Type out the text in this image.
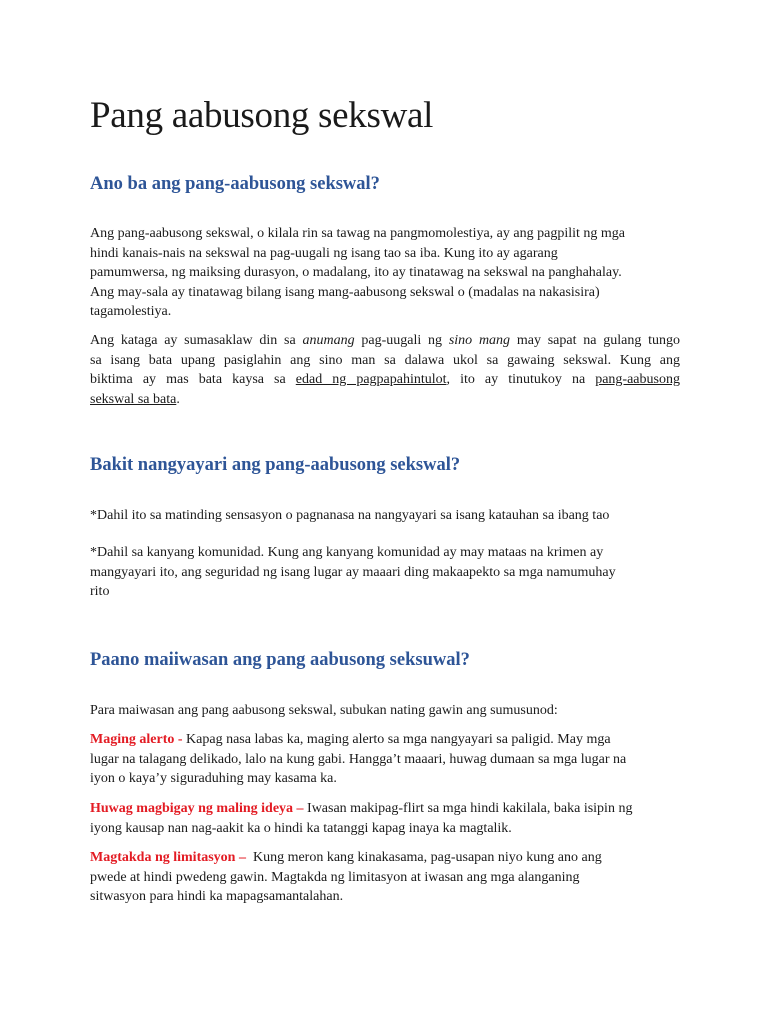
Pang aabusong sekswal
Ano ba ang pang-aabusong sekswal?
Ang pang-aabusong sekswal, o kilala rin sa tawag na pangmomolestiya, ay ang pagpilit ng mga
hindi kanais-nais na sekswal na pag-uugali ng isang tao sa iba. Kung ito ay agarang
pamumwersa, ng maiksing durasyon, o madalang, ito ay tinatawag na sekswal na panghahalay.
Ang may-sala ay tinatawag bilang isang mang-aabusong sekswal o (madalas na nakasisira)
tagamolestiya.
Ang kataga ay sumasaklaw din sa anumang pag-uugali ng sino mang may sapat na gulang tungo
sa isang bata upang pasiglahin ang sino man sa dalawa ukol sa gawaing sekswal. Kung ang
biktima ay mas bata kaysa sa edad ng pagpapahintulot, ito ay tinutukoy na pang-aabusong
sekswal sa bata.
Bakit nangyayari ang pang-aabusong sekswal?
*Dahil ito sa matinding sensasyon o pagnanasa na nangyayari sa isang katauhan sa ibang tao
*Dahil sa kanyang komunidad. Kung ang kanyang komunidad ay may mataas na krimen ay
mangyayari ito, ang seguridad ng isang lugar ay maaari ding makaapekto sa mga namumuhay
rito
Paano maiiwasan ang pang aabusong seksuwal?
Para maiwasan ang pang aabusong sekswal, subukan nating gawin ang sumusunod:
Maging alerto - Kapag nasa labas ka, maging alerto sa mga nangyayari sa paligid. May mga
lugar na talagang delikado, lalo na kung gabi. Hangga’t maaari, huwag dumaan sa mga lugar na
iyon o kaya’y siguraduhing may kasama ka.
Huwag magbigay ng maling ideya – Iwasan makipag-flirt sa mga hindi kakilala, baka isipin ng
iyong kausap nan nag-aakit ka o hindi ka tatanggi kapag inaya ka magtalik.
Magtakda ng limitasyon –  Kung meron kang kinakasama, pag-usapan niyo kung ano ang
pwede at hindi pwedeng gawin. Magtakda ng limitasyon at iwasan ang mga alanganing
sitwasyon para hindi ka mapagsamantalahan.
